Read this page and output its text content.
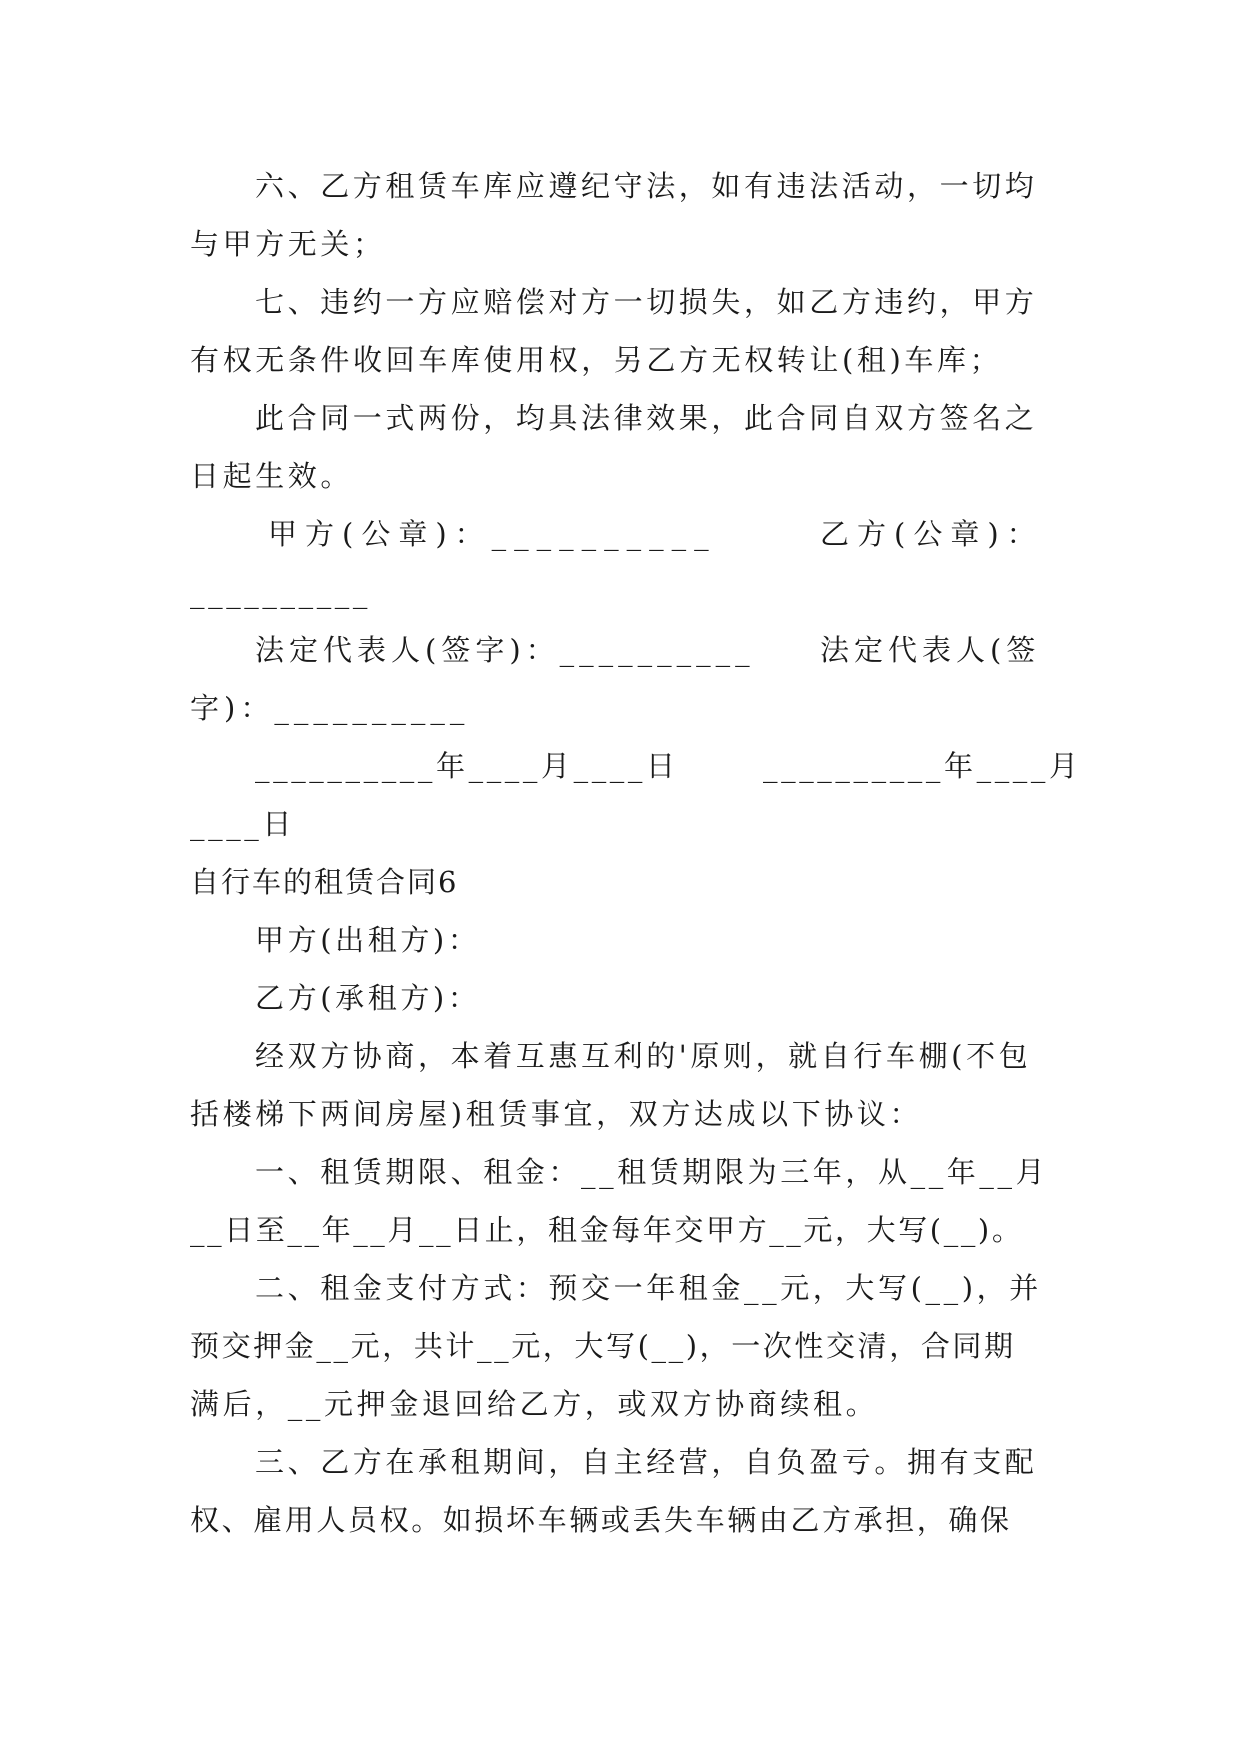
六、乙方租赁车库应遵纪守法，如有违法活动，一切均
与甲方无关；
七、违约一方应赔偿对方一切损失，如乙方违约，甲方
有权无条件收回车库使用权，另乙方无权转让(租)车库；
此合同一式两份，均具法律效果，此合同自双方签名之
日起生效。
甲方(公章)：__________	乙方(公章)：
__________
法定代表人(签字)：__________ 法定代表人(签
字)：__________
__________年____月____日	__________年____月
____日
自行车的租赁合同6
甲方(出租方)：
乙方(承租方)：
经双方协商，本着互惠互利的'原则，就自行车棚(不包
括楼梯下两间房屋)租赁事宜，双方达成以下协议：
一、租赁期限、租金：__租赁期限为三年，从__年__月
__日至__年__月__日止，租金每年交甲方__元，大写(__)。
二、租金支付方式：预交一年租金__元，大写(__)，并
预交押金__元，共计__元，大写(__)，一次性交清，合同期
满后，__元押金退回给乙方，或双方协商续租。
三、乙方在承租期间，自主经营，自负盈亏。拥有支配
权、雇用人员权。如损坏车辆或丢失车辆由乙方承担，确保
